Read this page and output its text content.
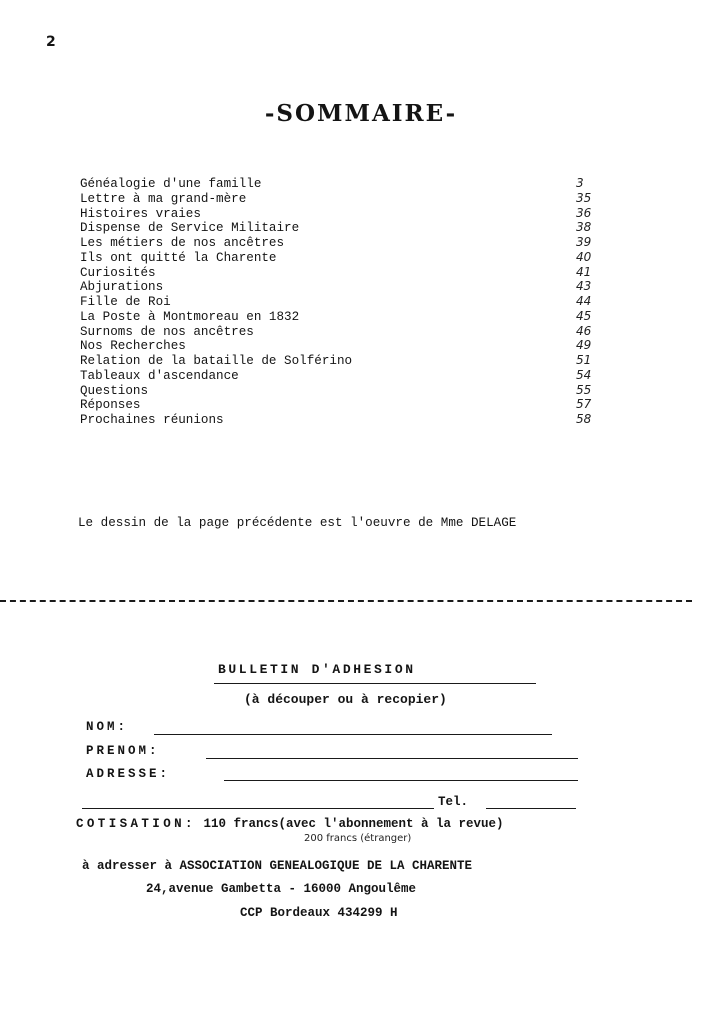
2
-SOMMAIRE-
Généalogie d'une famille	3
Lettre à ma grand-mère	35
Histoires vraies	36
Dispense de Service Militaire	38
Les métiers de nos ancêtres	39
Ils ont quitté la Charente	40
Curiosités	41
Abjurations	43
Fille de Roi	44
La Poste à Montmoreau en 1832	45
Surnoms de nos ancêtres	46
Nos Recherches	49
Relation de la bataille de Solférino	51
Tableaux d'ascendance	54
Questions	55
Réponses	57
Prochaines réunions	58
Le dessin de la page précédente est l'oeuvre de Mme DELAGE
BULLETIN D'ADHESION
(à découper ou à recopier)
NOM:
PRENOM:
ADRESSE:
Tel.
COTISATION: 110 francs(avec l'abonnement à la revue)
200 francs (étranger)
à adresser à ASSOCIATION GENEALOGIQUE DE LA CHARENTE
24,avenue Gambetta - 16000 Angoulême
CCP Bordeaux 434299 H
